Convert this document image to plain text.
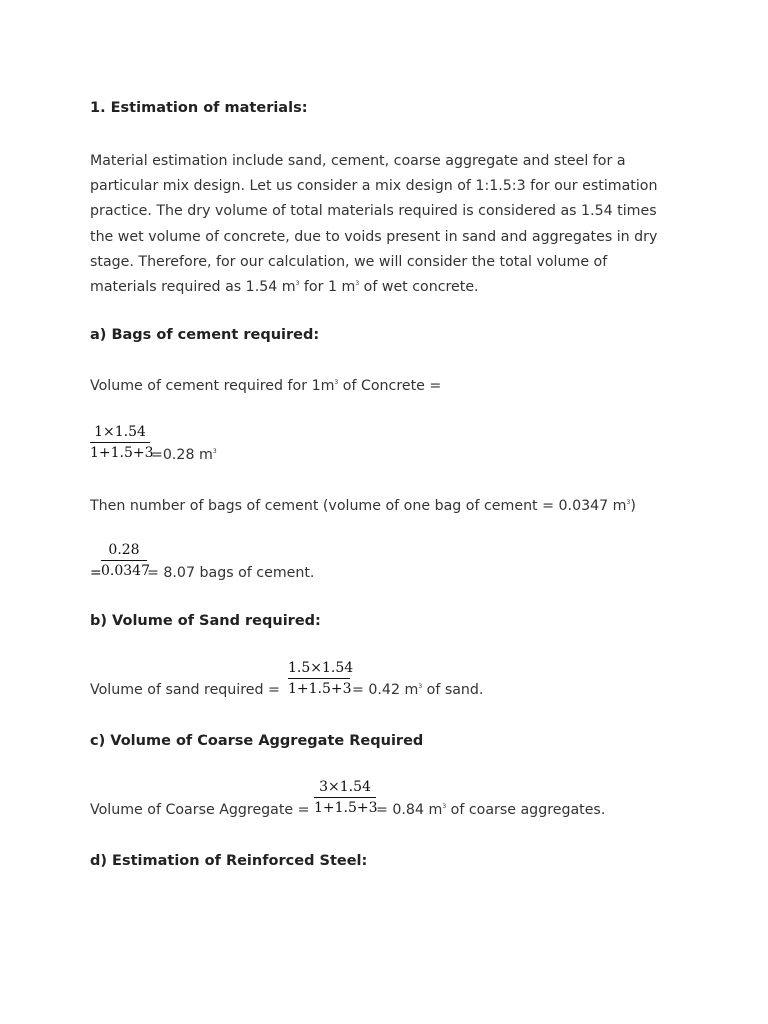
1. Estimation of materials:

Material estimation include sand, cement, coarse aggregate and steel for a

particular mix design. Let us consider a mix design of 1:1.5:3 for our estimation

practice. The dry volume of total materials required is considered as 1.54 times

the wet volume of concrete, due to voids present in sand and aggregates in dry

stage. Therefore, for our calculation, we will consider the total volume of

materials required as 1.54 $m^3$ for 1 $m^3$ of wet concrete.

a) Bags of cement required:
Volume of cement required for $1m^3$ of Concrete =
1×1.54
1+1.5+3
=0.28 $m^3$
Then number of bags of cement (volume of one bag of cement = 0.0347 $m^3$)
=
0.28
0.0347
= 8.07 bags of cement.
b) Volume of Sand required:
Volume of sand required =
1.5×1.54
1+1.5+3 = 0.42 $m^3$ of sand.
c) Volume of Coarse Aggregate Required
Volume of Coarse Aggregate =
3×1.54
1+1.5+3
= 0.84 $m^3$ of coarse aggregates.
d) Estimation of Reinforced Steel:
